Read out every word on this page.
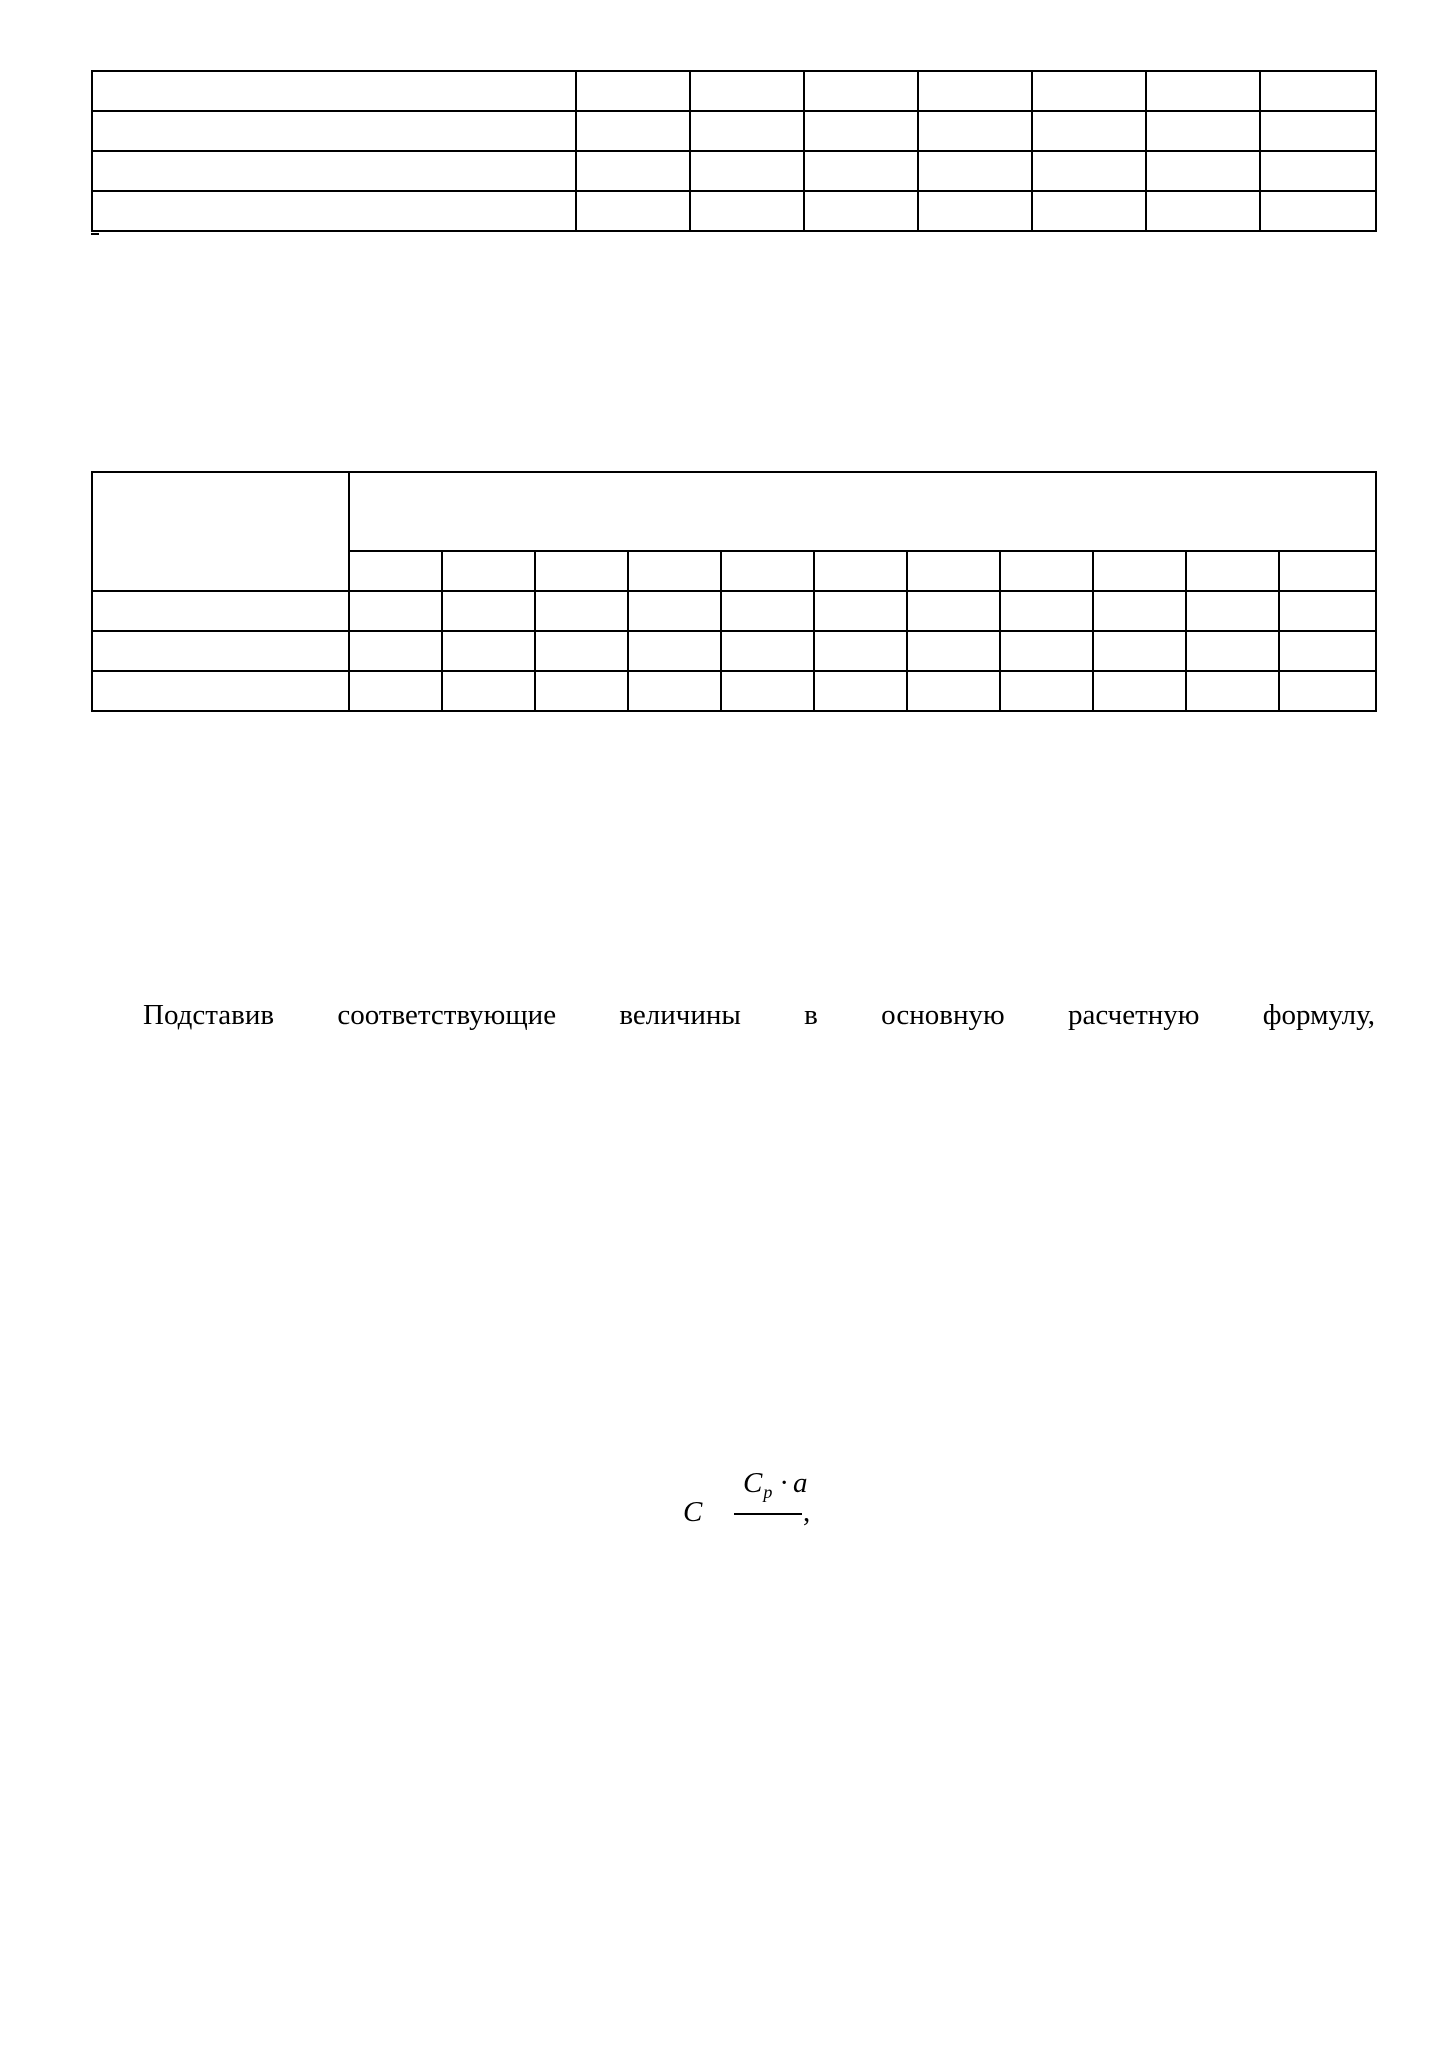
Подставив соответствующие величины в основную расчетную формулу,
C
$C_p \cdot a$
,
